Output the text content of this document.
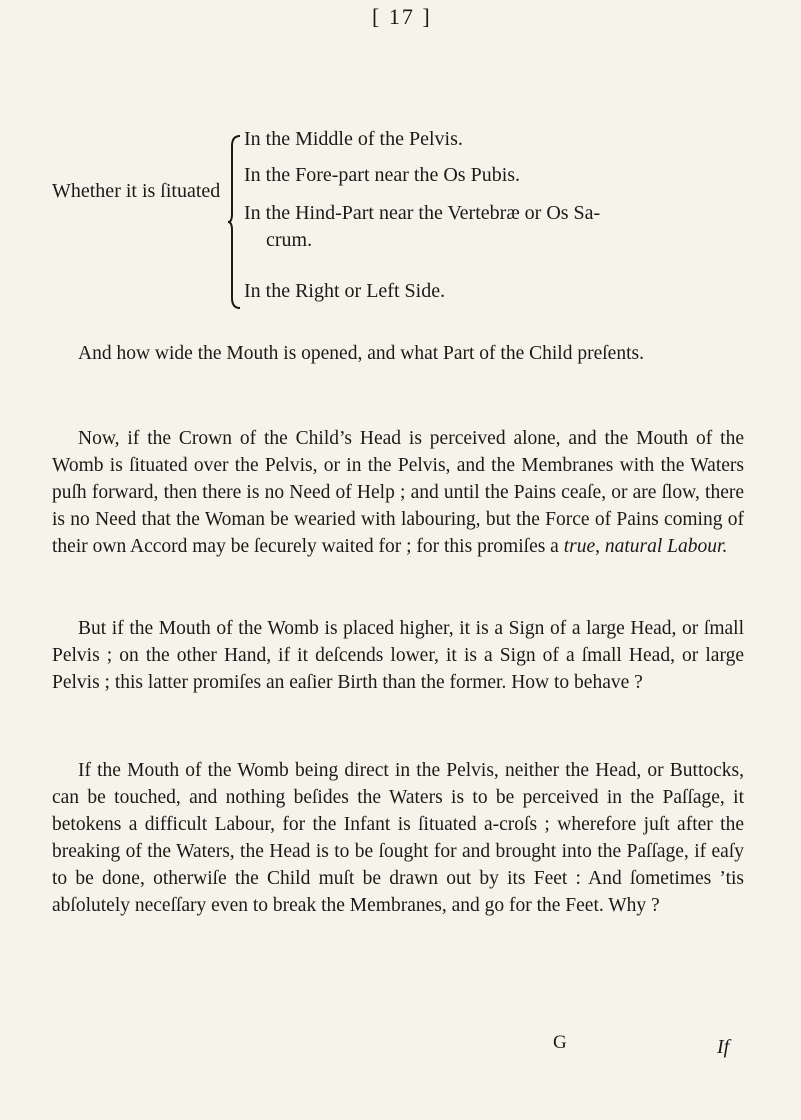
[ 17 ]
Whether it is ſituated
In the Middle of the Pelvis.
In the Fore-part near the Os Pubis.
In the Hind-Part near the Vertebræ or Os Sa-
crum.
In the Right or Left Side.

And how wide the Mouth is opened, and what Part of the Child preſents.

Now, if the Crown of the Child’s Head is perceived alone, and the Mouth of the Womb is ſituated over the Pelvis, or in the Pelvis, and the Membranes with the Waters puſh forward, then there is no Need of Help ; and until the Pains ceaſe, or are ſlow, there is no Need that the Woman be wearied with labouring, but the Force of Pains coming of their own Accord may be ſecurely waited for ; for this promiſes a true, natural Labour.

But if the Mouth of the Womb is placed higher, it is a Sign of a large Head, or ſmall Pelvis ; on the other Hand, if it deſcends lower, it is a Sign of a ſmall Head, or large Pelvis ; this latter promiſes an eaſier Birth than the former. How to behave ?

If the Mouth of the Womb being direct in the Pelvis, neither the Head, or Buttocks, can be touched, and nothing beſides the Waters is to be perceived in the Paſſage, it betokens a difficult Labour, for the Infant is ſituated a-croſs ; wherefore juſt after the breaking of the Waters, the Head is to be ſought for and brought into the Paſſage, if eaſy to be done, otherwiſe the Child muſt be drawn out by its Feet : And ſometimes ’tis abſolutely neceſſary even to break the Membranes, and go for the Feet. Why ?

G	If
